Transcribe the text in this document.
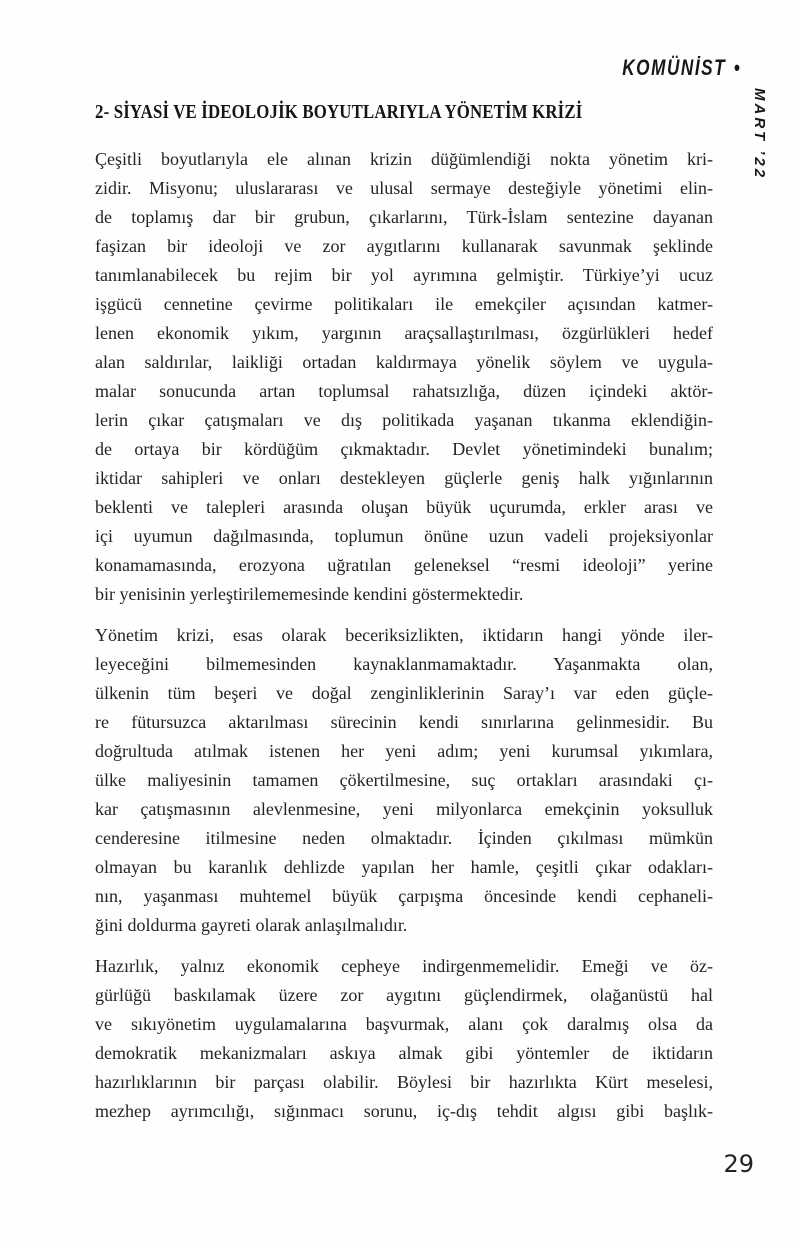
KOMÜNİST •
MART ’22
2- SİYASİ VE İDEOLOJİK BOYUTLARIYLA YÖNETİM KRİZİ
Çeşitli boyutlarıyla ele alınan krizin düğümlendiği nokta yönetim kri-
zidir. Misyonu; uluslararası ve ulusal sermaye desteğiyle yönetimi elin-
de toplamış dar bir grubun, çıkarlarını, Türk-İslam sentezine dayanan
faşizan bir ideoloji ve zor aygıtlarını kullanarak savunmak şeklinde
tanımlanabilecek bu rejim bir yol ayrımına gelmiştir. Türkiye’yi ucuz
işgücü cennetine çevirme politikaları ile emekçiler açısından katmer-
lenen ekonomik yıkım, yargının araçsallaştırılması, özgürlükleri hedef
alan saldırılar, laikliği ortadan kaldırmaya yönelik söylem ve uygula-
malar sonucunda artan toplumsal rahatsızlığa, düzen içindeki aktör-
lerin çıkar çatışmaları ve dış politikada yaşanan tıkanma eklendiğin-
de ortaya bir kördüğüm çıkmaktadır. Devlet yönetimindeki bunalım;
iktidar sahipleri ve onları destekleyen güçlerle geniş halk yığınlarının
beklenti ve talepleri arasında oluşan büyük uçurumda, erkler arası ve
içi uyumun dağılmasında, toplumun önüne uzun vadeli projeksiyonlar
konamamasında, erozyona uğratılan geleneksel “resmi ideoloji” yerine
bir yenisinin yerleştirilememesinde kendini göstermektedir.
Yönetim krizi, esas olarak beceriksizlikten, iktidarın hangi yönde iler-
leyeceğini bilmemesinden kaynaklanmamaktadır. Yaşanmakta olan,
ülkenin tüm beşeri ve doğal zenginliklerinin Saray’ı var eden güçle-
re fütursuzca aktarılması sürecinin kendi sınırlarına gelinmesidir. Bu
doğrultuda atılmak istenen her yeni adım; yeni kurumsal yıkımlara,
ülke maliyesinin tamamen çökertilmesine, suç ortakları arasındaki çı-
kar çatışmasının alevlenmesine, yeni milyonlarca emekçinin yoksulluk
cenderesine itilmesine neden olmaktadır. İçinden çıkılması mümkün
olmayan bu karanlık dehlizde yapılan her hamle, çeşitli çıkar odakları-
nın, yaşanması muhtemel büyük çarpışma öncesinde kendi cephaneli-
ğini doldurma gayreti olarak anlaşılmalıdır.
Hazırlık, yalnız ekonomik cepheye indirgenmemelidir. Emeği ve öz-
gürlüğü baskılamak üzere zor aygıtını güçlendirmek, olağanüstü hal
ve sıkıyönetim uygulamalarına başvurmak, alanı çok daralmış olsa da
demokratik mekanizmaları askıya almak gibi yöntemler de iktidarın
hazırlıklarının bir parçası olabilir. Böylesi bir hazırlıkta Kürt meselesi,
mezhep ayrımcılığı, sığınmacı sorunu, iç-dış tehdit algısı gibi başlık-
29
